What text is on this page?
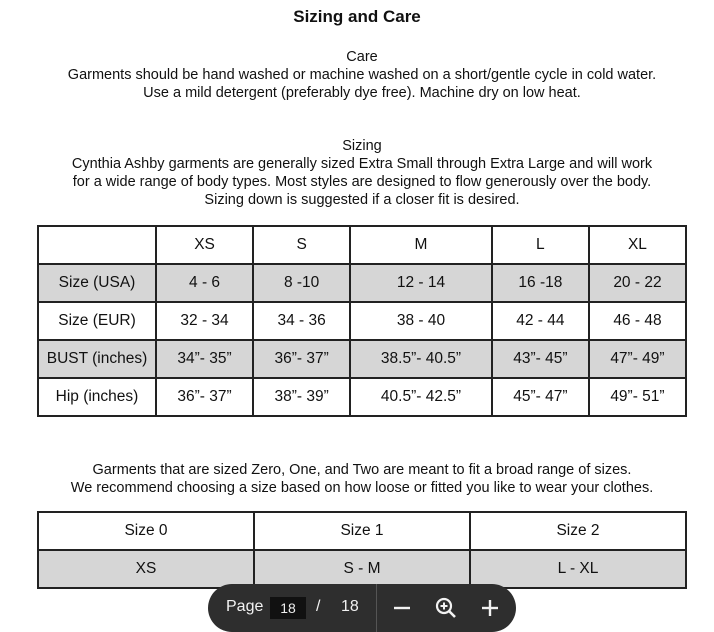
Sizing and Care
Care
Garments should be hand washed or machine washed on a short/gentle cycle in cold water.
Use a mild detergent (preferably dye free). Machine dry on low heat.
Sizing
Cynthia Ashby garments are generally sized Extra Small through Extra Large and will work
for a wide range of body types. Most styles are designed to flow generously over the body.
Sizing down is suggested if a closer fit is desired.
	XS	S	M	L	XL
Size (USA)	4 - 6	8 -10	12 - 14	16 -18	20 - 22
Size (EUR)	32 - 34	34 - 36	38 - 40	42 - 44	46 - 48
BUST (inches)	34”- 35”	36”- 37”	38.5”- 40.5”	43”- 45”	47”- 49”
Hip (inches)	36”- 37”	38”- 39”	40.5”- 42.5”	45”- 47”	49”- 51”
Garments that are sized Zero, One, and Two are meant to fit a broad range of sizes.
We recommend choosing a size based on how loose or fitted you like to wear your clothes.
Size 0	Size 1	Size 2
XS	S - M	L - XL
Page	18	/ 18
